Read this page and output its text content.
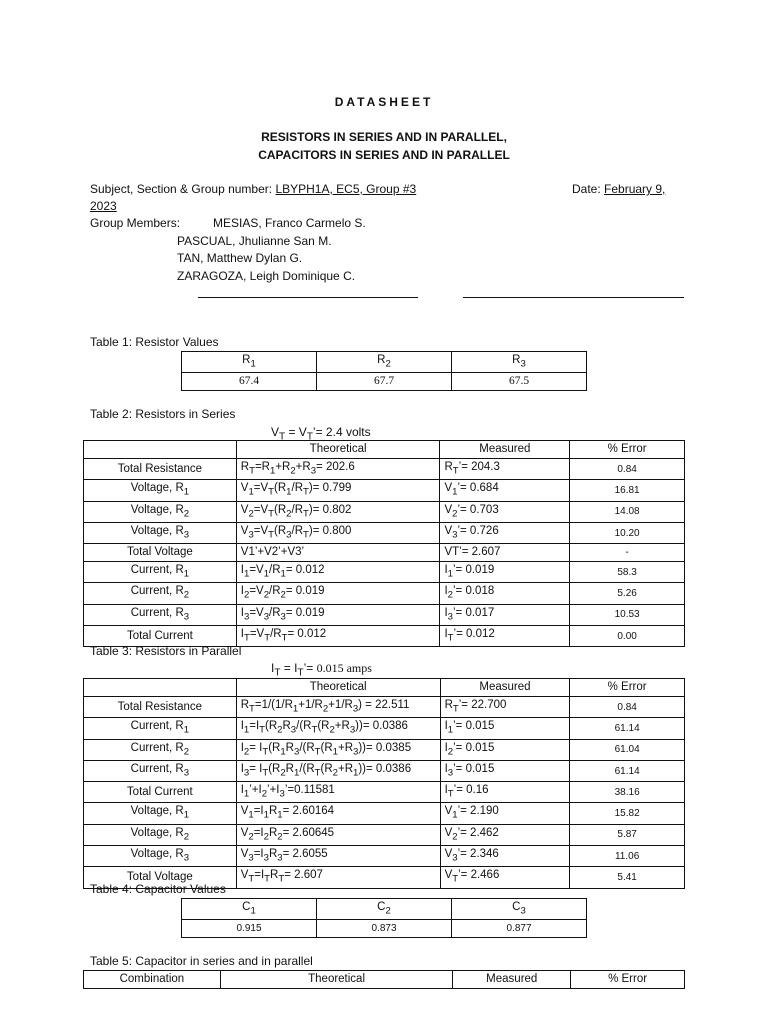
DATASHEET
RESISTORS IN SERIES AND IN PARALLEL,
CAPACITORS IN SERIES AND IN PARALLEL
Subject, Section & Group number: LBYPH1A, EC5, Group #3	Date: February 9,
2023
Group Members:	MESIAS, Franco Carmelo S.
PASCUAL, Jhulianne San M.
TAN, Matthew Dylan G.
ZARAGOZA, Leigh Dominique C.
Table 1: Resistor Values
$R_1$	$R_2$	$R_3$
67.4	67.7	67.5
Table 2: Resistors in Series
$V_T$ = $V_T’= 2.4$ volts
	Theoretical	Measured	% Error
Total Resistance	$R_T=R_1+R_2+R_3= 202.6$	$R_T’= 204.3$	0.84
Voltage, $R_1$	$V_1=V_T(R_1/R_T)= 0.799$	$V_1’= 0.684$	16.81
Voltage, $R_2$	$V_2=V_T(R_2/R_T)= 0.802$	$V_2’= 0.703$	14.08
Voltage, $R_3$	$V_3=V_T(R_3/R_T)= 0.800$	$V_3’= 0.726$	10.20
Total Voltage	V1’+V2’+V3’	VT’= 2.607	-
Current, $R_1$	$I_1=V_1/R_1= 0.012$	$I_1’= 0.019$	58.3
Current, $R_2$	$I_2=V_2/R_2= 0.019$	$I_2’= 0.018$	5.26
Current, $R_3$	$I_3=V_3/R_3= 0.019$	$I_3’= 0.017$	10.53
Total Current	$I_T=V_T/R_T= 0.012$	$I_T’= 0.012$	0.00
Table 3: Resistors in Parallel
$I_T$ = $I_T’= 0.015$ amps
	Theoretical	Measured	% Error
Total Resistance	$R_T=1/(1/R_1+1/R_2+1/R_3) = 22.511$	$R_T’= 22.700$	0.84
Current, $R_1$	$I_1=I_T(R_2R_3/(R_T(R_2+R_3))= 0.0386$	$I_1’= 0.015$	61.14
Current, $R_2$	$I_2= I_T(R_1R_3/(R_T(R_1+R_3))= 0.0385$	$I_2’= 0.015$	61.04
Current, $R_3$	$I_3= I_T(R_2R_1/(R_T(R_2+R_1))= 0.0386$	$I_3’= 0.015$	61.14
Total Current	$I_1’+I_2’+I_3’=0.11581$	$I_T’= 0.16$	38.16
Voltage, $R_1$	$V_1=I_1R_1= 2.60164$	$V_1’= 2.190$	15.82
Voltage, $R_2$	$V_2=I_2R_2= 2.60645$	$V_2’= 2.462$	5.87
Voltage, $R_3$	$V_3=I_3R_3= 2.6055$	$V_3’= 2.346$	11.06
Total Voltage	$V_T=I_TR_T= 2.607$	$V_T’= 2.466$	5.41
Table 4: Capacitor Values
$C_1$	$C_2$	$C_3$
0.915	0.873	0.877
Table 5: Capacitor in series and in parallel
Combination	Theoretical	Measured	% Error
